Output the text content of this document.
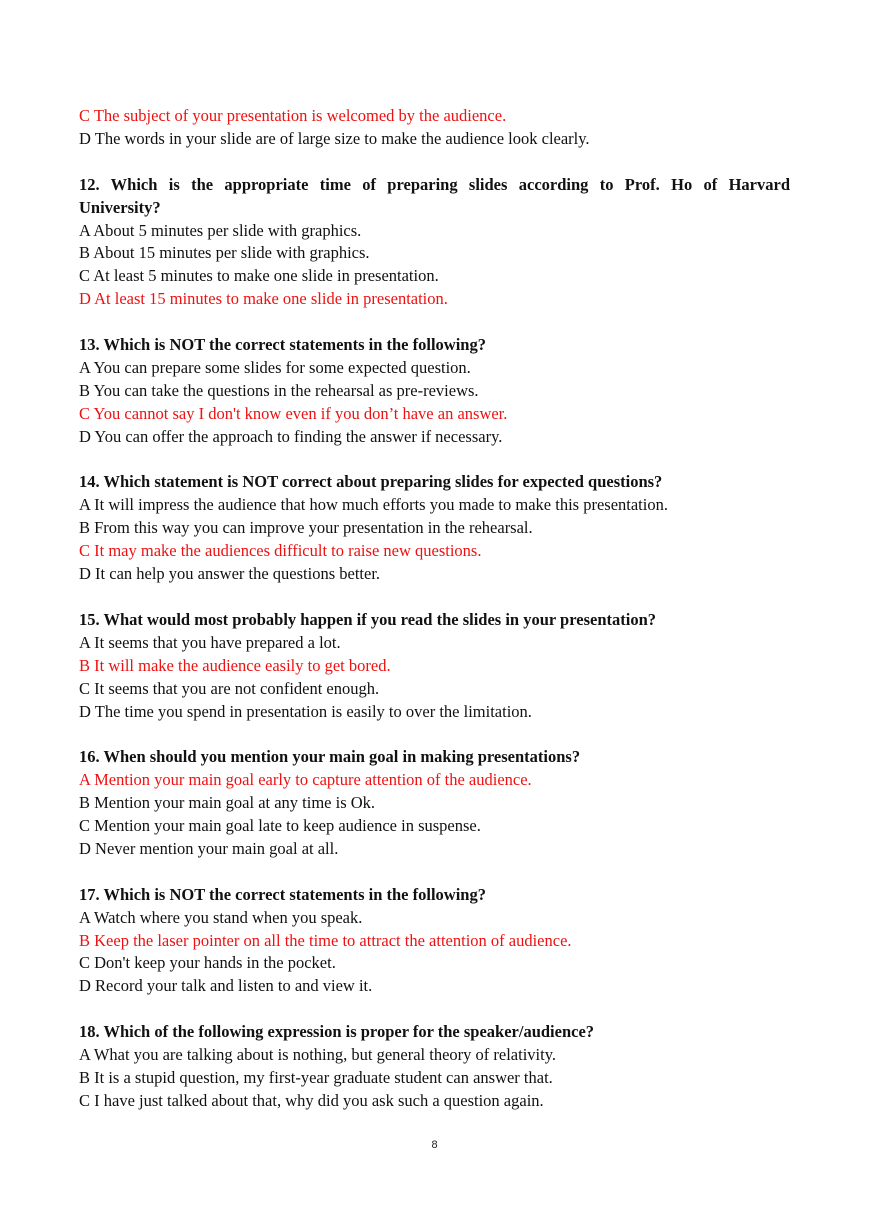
C The subject of your presentation is welcomed by the audience.

D The words in your slide are of large size to make the audience look clearly.

12. Which is the appropriate time of preparing slides according to Prof. Ho of Harvard

University?

A About 5 minutes per slide with graphics.

B About 15 minutes per slide with graphics.

C At least 5 minutes to make one slide in presentation.

D At least 15 minutes to make one slide in presentation.

13. Which is NOT the correct statements in the following?

A You can prepare some slides for some expected question.

B You can take the questions in the rehearsal as pre-reviews.

C You cannot say I don't know even if you don’t have an answer.

D You can offer the approach to finding the answer if necessary.

14. Which statement is NOT correct about preparing slides for expected questions?

A It will impress the audience that how much efforts you made to make this presentation.

B From this way you can improve your presentation in the rehearsal.

C It may make the audiences difficult to raise new questions.

D It can help you answer the questions better.

15. What would most probably happen if you read the slides in your presentation?

A It seems that you have prepared a lot.

B It will make the audience easily to get bored.

C It seems that you are not confident enough.

D The time you spend in presentation is easily to over the limitation.

16. When should you mention your main goal in making presentations?

A Mention your main goal early to capture attention of the audience.

B Mention your main goal at any time is Ok.

C Mention your main goal late to keep audience in suspense.

D Never mention your main goal at all.

17. Which is NOT the correct statements in the following?

A Watch where you stand when you speak.

B Keep the laser pointer on all the time to attract the attention of audience.

C Don't keep your hands in the pocket.

D Record your talk and listen to and view it.

18. Which of the following expression is proper for the speaker/audience?

A What you are talking about is nothing, but general theory of relativity.

B It is a stupid question, my first-year graduate student can answer that.

C I have just talked about that, why did you ask such a question again.

8
